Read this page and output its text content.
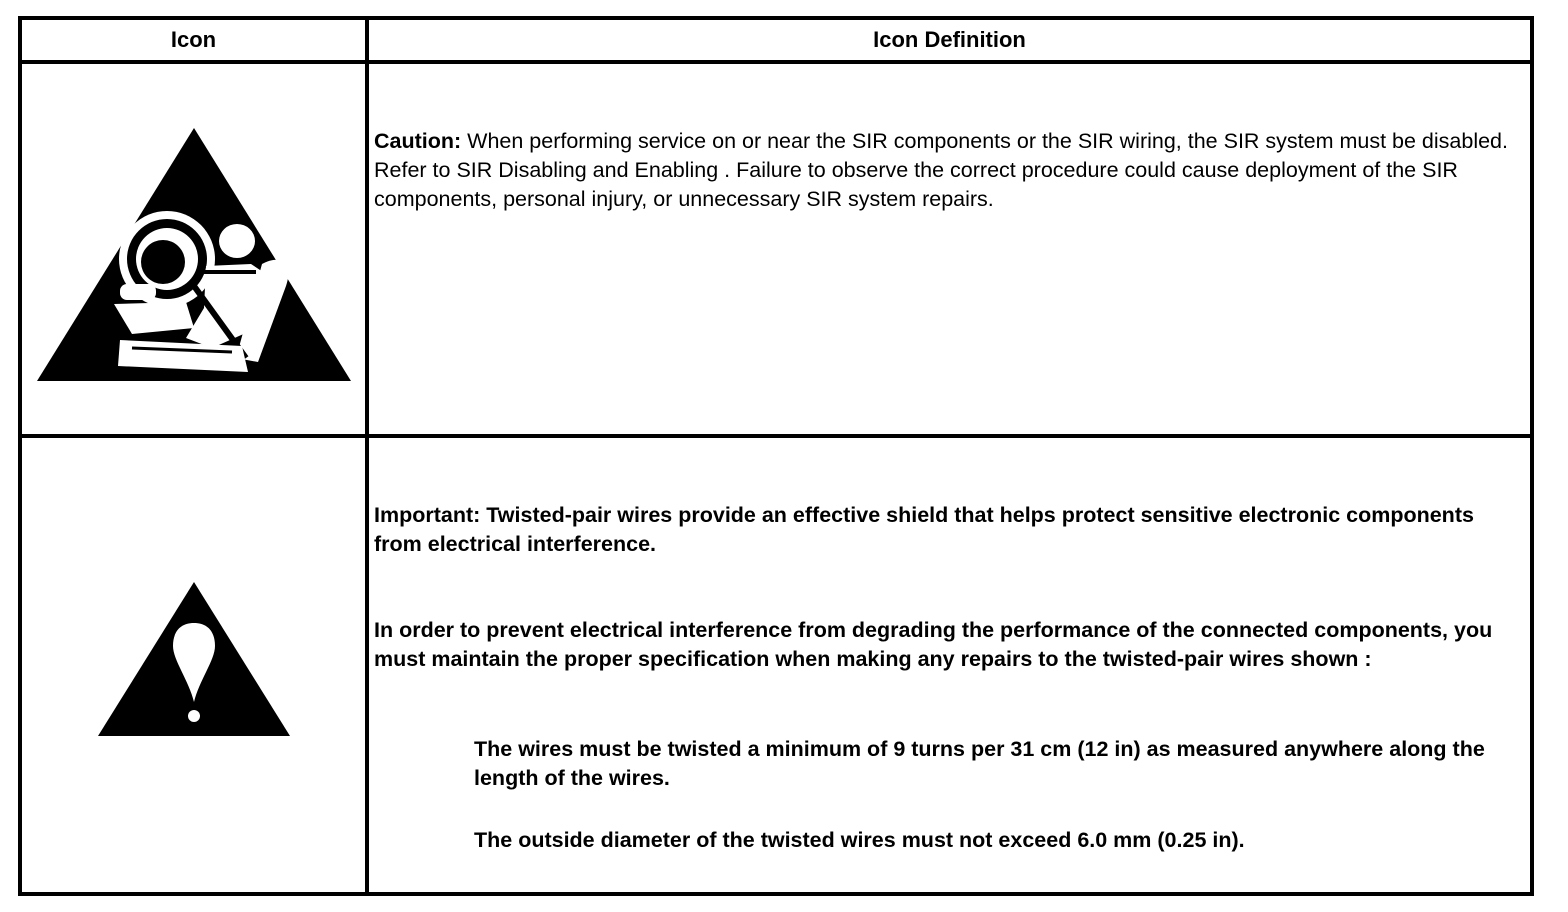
Icon	Icon Definition

Caution: When performing service on or near the SIR components or the SIR wiring, the SIR system must be disabled. Refer to SIR Disabling and Enabling . Failure to observe the correct procedure could cause deployment of the SIR components, personal injury, or unnecessary SIR system repairs.

Important: Twisted-pair wires provide an effective shield that helps protect sensitive electronic components from electrical interference.

In order to prevent electrical interference from degrading the performance of the connected components, you must maintain the proper specification when making any repairs to the twisted-pair wires shown :

The wires must be twisted a minimum of 9 turns per 31 cm (12 in) as measured anywhere along the length of the wires.

The outside diameter of the twisted wires must not exceed 6.0 mm (0.25 in).
